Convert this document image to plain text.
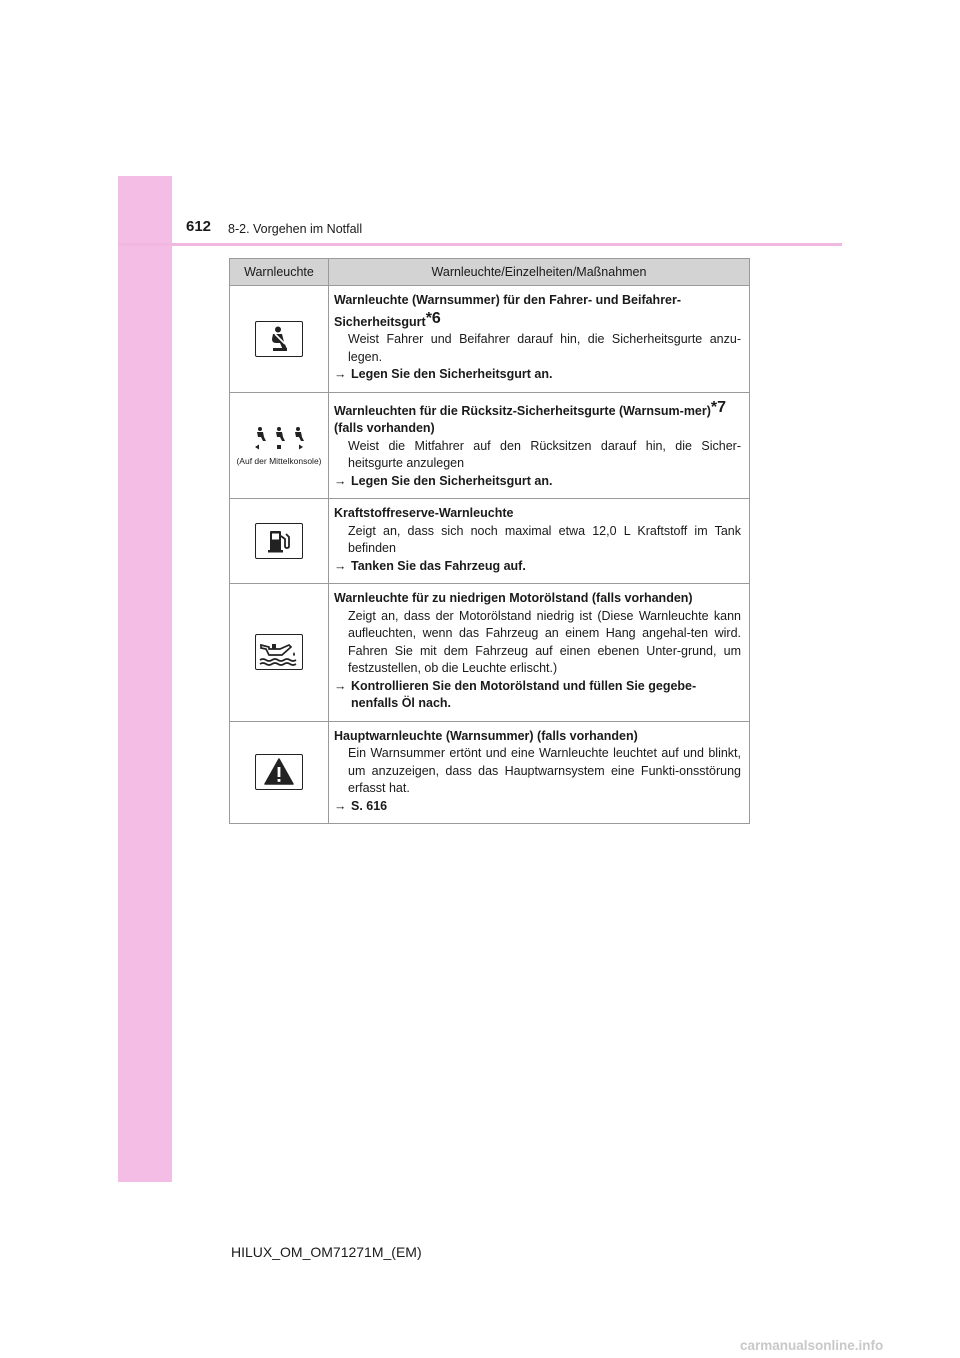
612 8-2. Vorgehen im Notfall
Warnleuchte	Warnleuchte/Einzelheiten/Maßnahmen

Warnleuchte (Warnsummer) für den Fahrer- und Beifahrer-Sicherheitsgurt$^{*6}$
Weist Fahrer und Beifahrer darauf hin, die Sicherheitsgurte anzu-legen.
→ Legen Sie den Sicherheitsgurt an.

(Auf der Mittelkonsole)	Warnleuchten für die Rücksitz-Sicherheitsgurte (Warnsum-mer)$^{*7}$ (falls vorhanden)
Weist die Mitfahrer auf den Rücksitzen darauf hin, die Sicher-heitsgurte anzulegen
→ Legen Sie den Sicherheitsgurt an.

Kraftstoffreserve-Warnleuchte
Zeigt an, dass sich noch maximal etwa 12,0 L Kraftstoff im Tank befinden
→ Tanken Sie das Fahrzeug auf.

Warnleuchte für zu niedrigen Motorölstand (falls vorhanden)
Zeigt an, dass der Motorölstand niedrig ist (Diese Warnleuchte kann aufleuchten, wenn das Fahrzeug an einem Hang angehal-ten wird. Fahren Sie mit dem Fahrzeug auf einen ebenen Unter-grund, um festzustellen, ob die Leuchte erlischt.)
→ Kontrollieren Sie den Motorölstand und füllen Sie gegebe-nenfalls Öl nach.

Hauptwarnleuchte (Warnsummer) (falls vorhanden)
Ein Warnsummer ertönt und eine Warnleuchte leuchtet auf und blinkt, um anzuzeigen, dass das Hauptwarnsystem eine Funkti-onsstörung erfasst hat.
→ S. 616
HILUX_OM_OM71271M_(EM)
carmanualsonline.info
